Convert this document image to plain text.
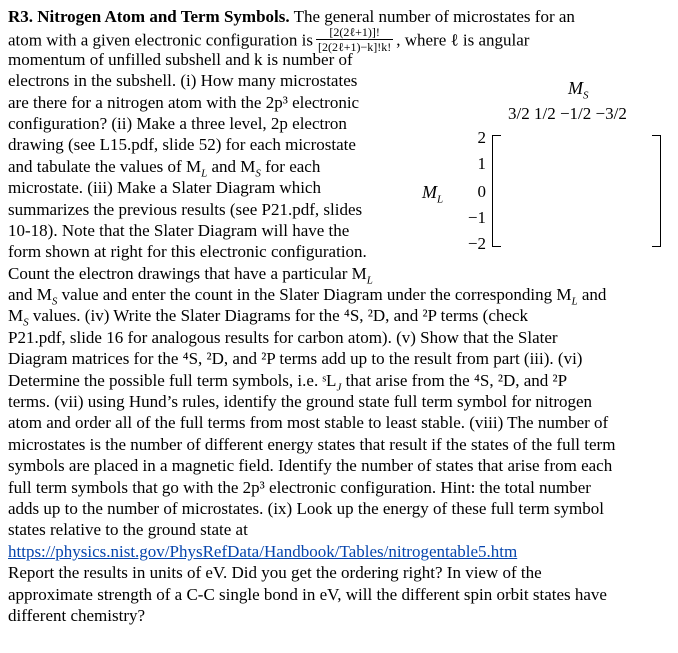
R3. Nitrogen Atom and Term Symbols. The general number of microstates for an
atom with a given electronic configuration is $\frac{\text{[2(2ℓ+1)]!}}{\text{[2(2ℓ+1)−k]!k!}}$ , where ℓ is angular
momentum of unfilled subshell and k is number of
electrons in the subshell. (i) How many microstates
are there for a nitrogen atom with the 2p³ electronic
configuration? (ii) Make a three level, 2p electron
drawing (see L15.pdf, slide 52) for each microstate
and tabulate the values of $M_L$ and $M_S$ for each
microstate. (iii) Make a Slater Diagram which
summarizes the previous results (see P21.pdf, slides
10-18). Note that the Slater Diagram will have the
form shown at right for this electronic configuration.
Count the electron drawings that have a particular $M_L$
and $M_S$ value and enter the count in the Slater Diagram under the corresponding $M_L$ and
$M_S$ values. (iv) Write the Slater Diagrams for the ⁴S, ²D, and ²P terms (check
P21.pdf, slide 16 for analogous results for carbon atom). (v) Show that the Slater
Diagram matrices for the ⁴S, ²D, and ²P terms add up to the result from part (iii). (vi)
Determine the possible full term symbols, i.e. ˢL$_J$ that arise from the ⁴S, ²D, and ²P
terms. (vii) using Hund’s rules, identify the ground state full term symbol for nitrogen
atom and order all of the full terms from most stable to least stable. (viii) The number of
microstates is the number of different energy states that result if the states of the full term
symbols are placed in a magnetic field. Identify the number of states that arise from each
full term symbols that go with the 2p³ electronic configuration. Hint: the total number
adds up to the number of microstates. (ix) Look up the energy of these full term symbol
states relative to the ground state at
https://physics.nist.gov/PhysRefData/Handbook/Tables/nitrogentable5.htm
Report the results in units of eV. Did you get the ordering right? In view of the
approximate strength of a C-C single bond in eV, will the different spin orbit states have
different chemistry?
$M_S$
3/2 1/2 −1/2 −3/2
$M_L$
2
1
0
−1
−2
